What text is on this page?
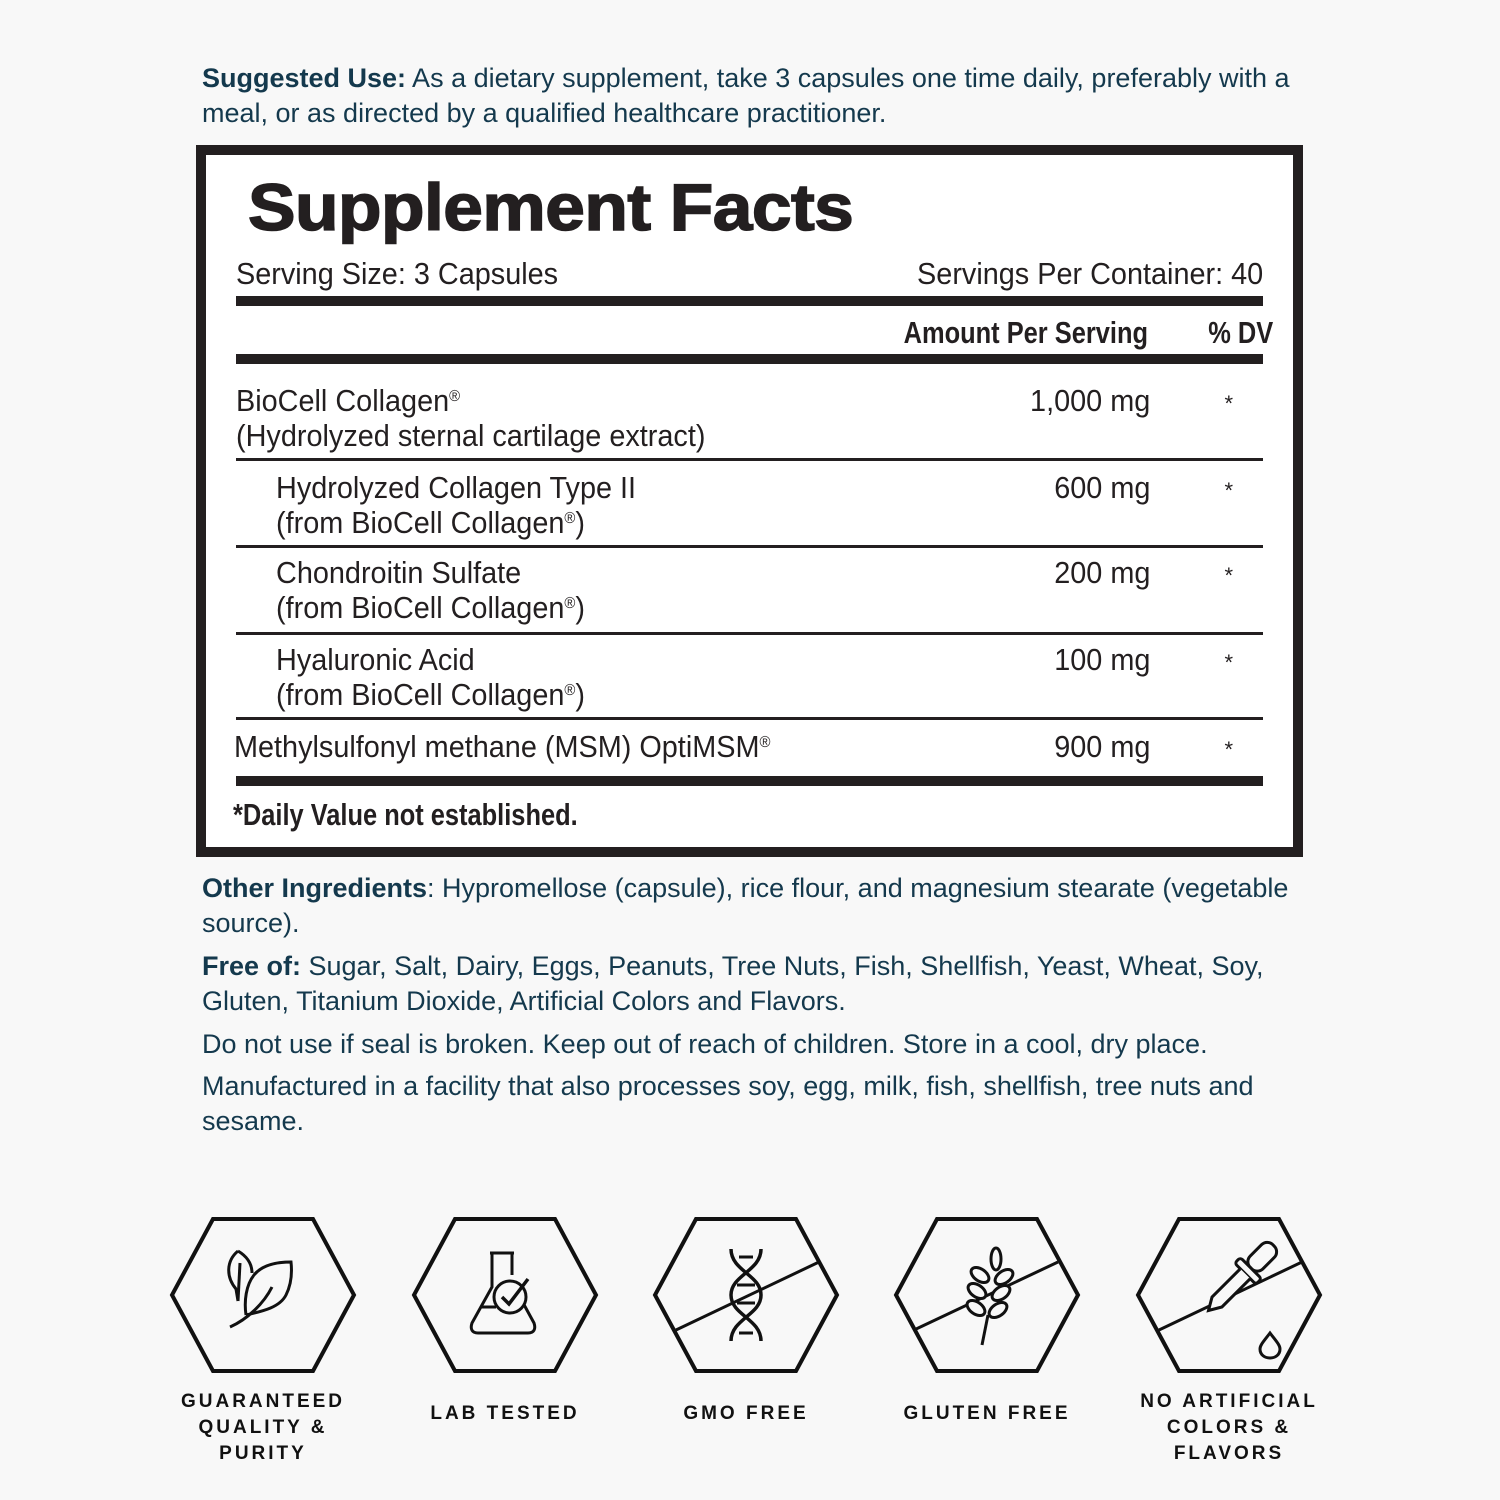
Suggested Use: As a dietary supplement, take 3 capsules one time daily, preferably with a meal, or as directed by a qualified healthcare practitioner.
Supplement Facts
Serving Size: 3 Capsules	Servings Per Container: 40
Amount Per Serving % DV
BioCell Collagen®
(Hydrolyzed sternal cartilage extract)
1,000 mg	*
Hydrolyzed Collagen Type II
(from BioCell Collagen®)
600 mg	*
Chondroitin Sulfate
(from BioCell Collagen®)
200 mg	*
Hyaluronic Acid
(from BioCell Collagen®)
100 mg	*
Methylsulfonyl methane (MSM) OptiMSM®	900 mg	*
*Daily Value not established.
Other Ingredients: Hypromellose (capsule), rice flour, and magnesium stearate (vegetable source).
Free of: Sugar, Salt, Dairy, Eggs, Peanuts, Tree Nuts, Fish, Shellfish, Yeast, Wheat, Soy, Gluten, Titanium Dioxide, Artificial Colors and Flavors.
Do not use if seal is broken. Keep out of reach of children. Store in a cool, dry place.
Manufactured in a facility that also processes soy, egg, milk, fish, shellfish, tree nuts and sesame.
GUARANTEED
QUALITY & PURITY
LAB TESTED	GMO FREE	GLUTEN FREE
NO ARTIFICIAL
COLORS & FLAVORS
